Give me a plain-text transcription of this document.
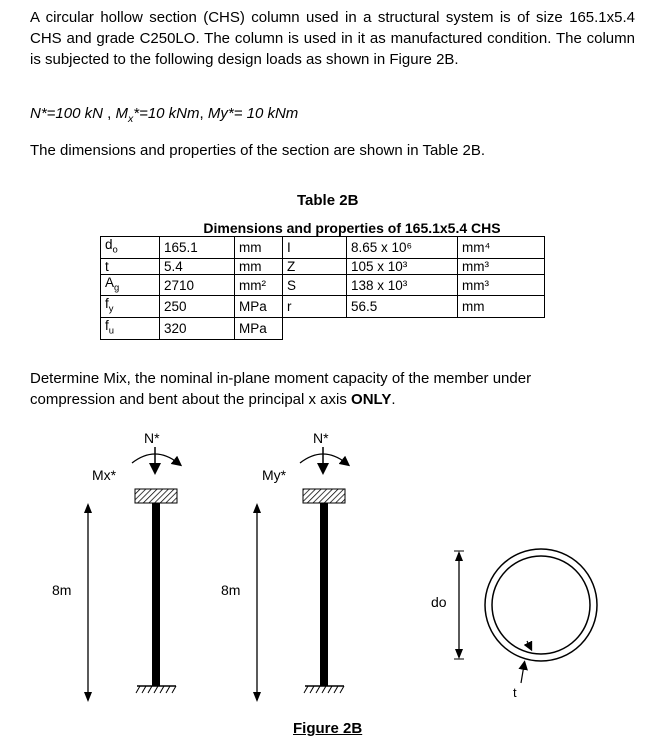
A circular hollow section (CHS) column used in a structural system is of size 165.1x5.4 CHS and grade C250LO. The column is used in it as manufactured condition. The column is subjected to the following design loads as shown in Figure 2B.

N*=100 kN , $M_x*=10$ kNm, My*= 10 kNm

The dimensions and properties of the section are shown in Table 2B.

Table 2B
	Dimensions and properties of 165.1x5.4 CHS				
$d_o$	165.1	mm	I	8.65 x 10⁶	mm⁴
t	5.4	mm	Z	105 x 10³	mm³
$A_g$	2710	mm²	S	138 x 10³	mm³
$f_y$	250	MPa	r	56.5	mm
$f_u$	320	MPa			

Determine Mix, the nominal in-plane moment capacity of the member under compression and bent about the principal x axis ONLY.

N*
Mx*
8m
N*
My*
8m
do
t
Figure 2B
